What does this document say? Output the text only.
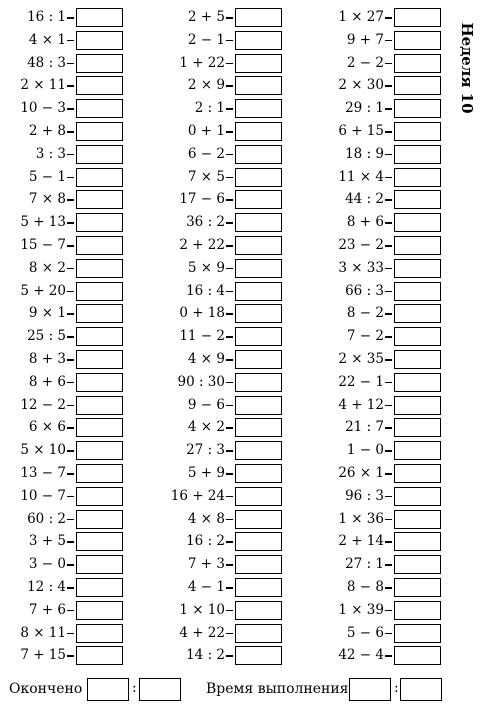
16 : 1
4 × 1
48 : 3
2 × 11
10 − 3
2 + 8
3 : 3
5 − 1
7 × 8
5 + 13
15 − 7
8 × 2
5 + 20
9 × 1
25 : 5
8 + 3
8 + 6
12 − 2
6 × 6
5 × 10
13 − 7
10 − 7
60 : 2
3 + 5
3 − 0
12 : 4
7 + 6
8 × 11
7 + 15
2 + 5
2 − 1
1 + 22
2 × 9
2 : 1
0 + 1
6 − 2
7 × 5
17 − 6
36 : 2
2 + 22
5 × 9
16 : 4
0 + 18
11 − 2
4 × 9
90 : 30
9 − 6
4 × 2
27 : 3
5 + 9
16 + 24
4 × 8
16 : 2
7 + 3
4 − 1
1 × 10
4 + 22
14 : 2
1 × 27
9 + 7
2 − 2
2 × 30
29 : 1
6 + 15
18 : 9
11 × 4
44 : 2
8 + 6
23 − 2
3 × 33
66 : 3
8 − 2
7 − 2
2 × 35
22 − 1
4 + 12
21 : 7
1 − 0
26 × 1
96 : 3
1 × 36
2 + 14
27 : 1
8 − 8
1 × 39
5 − 6
42 − 4
Неделя 10
Окончено	:	Время выполнения	:
